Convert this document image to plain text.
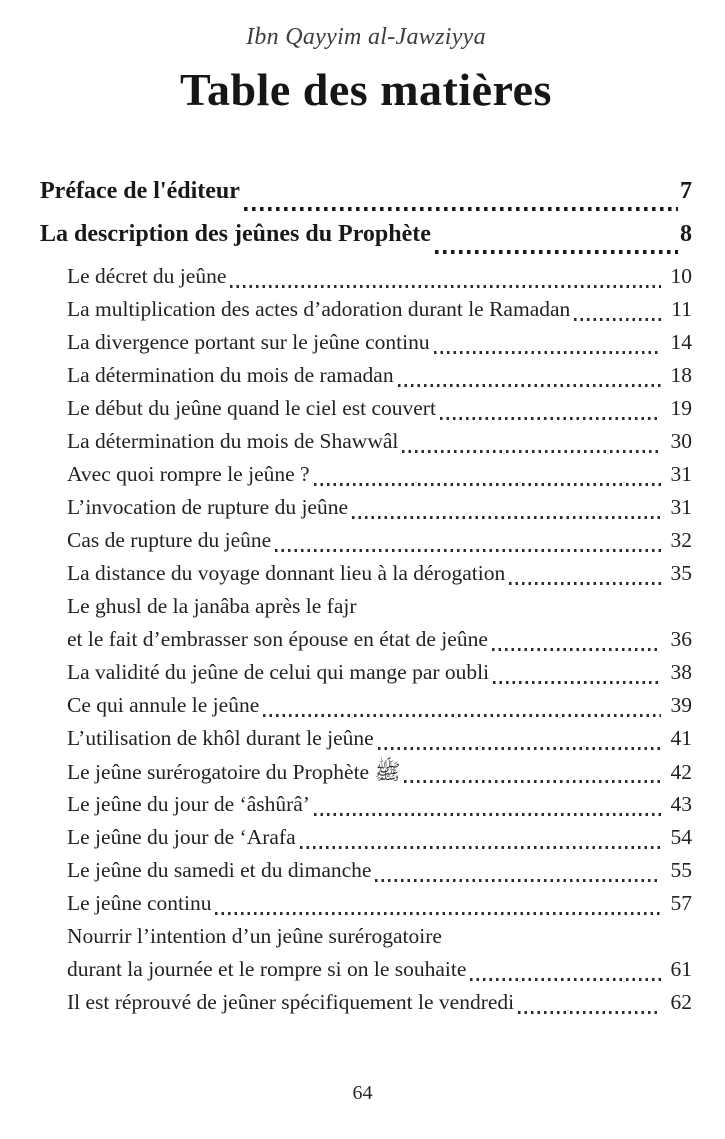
Ibn Qayyim al-Jawziyya
Table des matières
Préface de l'éditeur	7
La description des jeûnes du Prophète	8
Le décret du jeûne	10
La multiplication des actes d’adoration durant le Ramadan	11
La divergence portant sur le jeûne continu	14
La détermination du mois de ramadan	18
Le début du jeûne quand le ciel est couvert	19
La détermination du mois de Shawwâl	30
Avec quoi rompre le jeûne ?	31
L’invocation de rupture du jeûne	31
Cas de rupture du jeûne	32
La distance du voyage donnant lieu à la dérogation	35
Le ghusl de la janâba après le fajr
et le fait d’embrasser son épouse en état de jeûne	36
La validité du jeûne de celui qui mange par oubli	38
Ce qui annule le jeûne	39
L’utilisation de khôl durant le jeûne	41
Le jeûne surérogatoire du Prophète ﷺ	42
Le jeûne du jour de ‘âshûrâ’	43
Le jeûne du jour de ‘Arafa	54
Le jeûne du samedi et du dimanche	55
Le jeûne continu	57
Nourrir l’intention d’un jeûne surérogatoire
durant la journée et le rompre si on le souhaite	61
Il est réprouvé de jeûner spécifiquement le vendredi	62
64
